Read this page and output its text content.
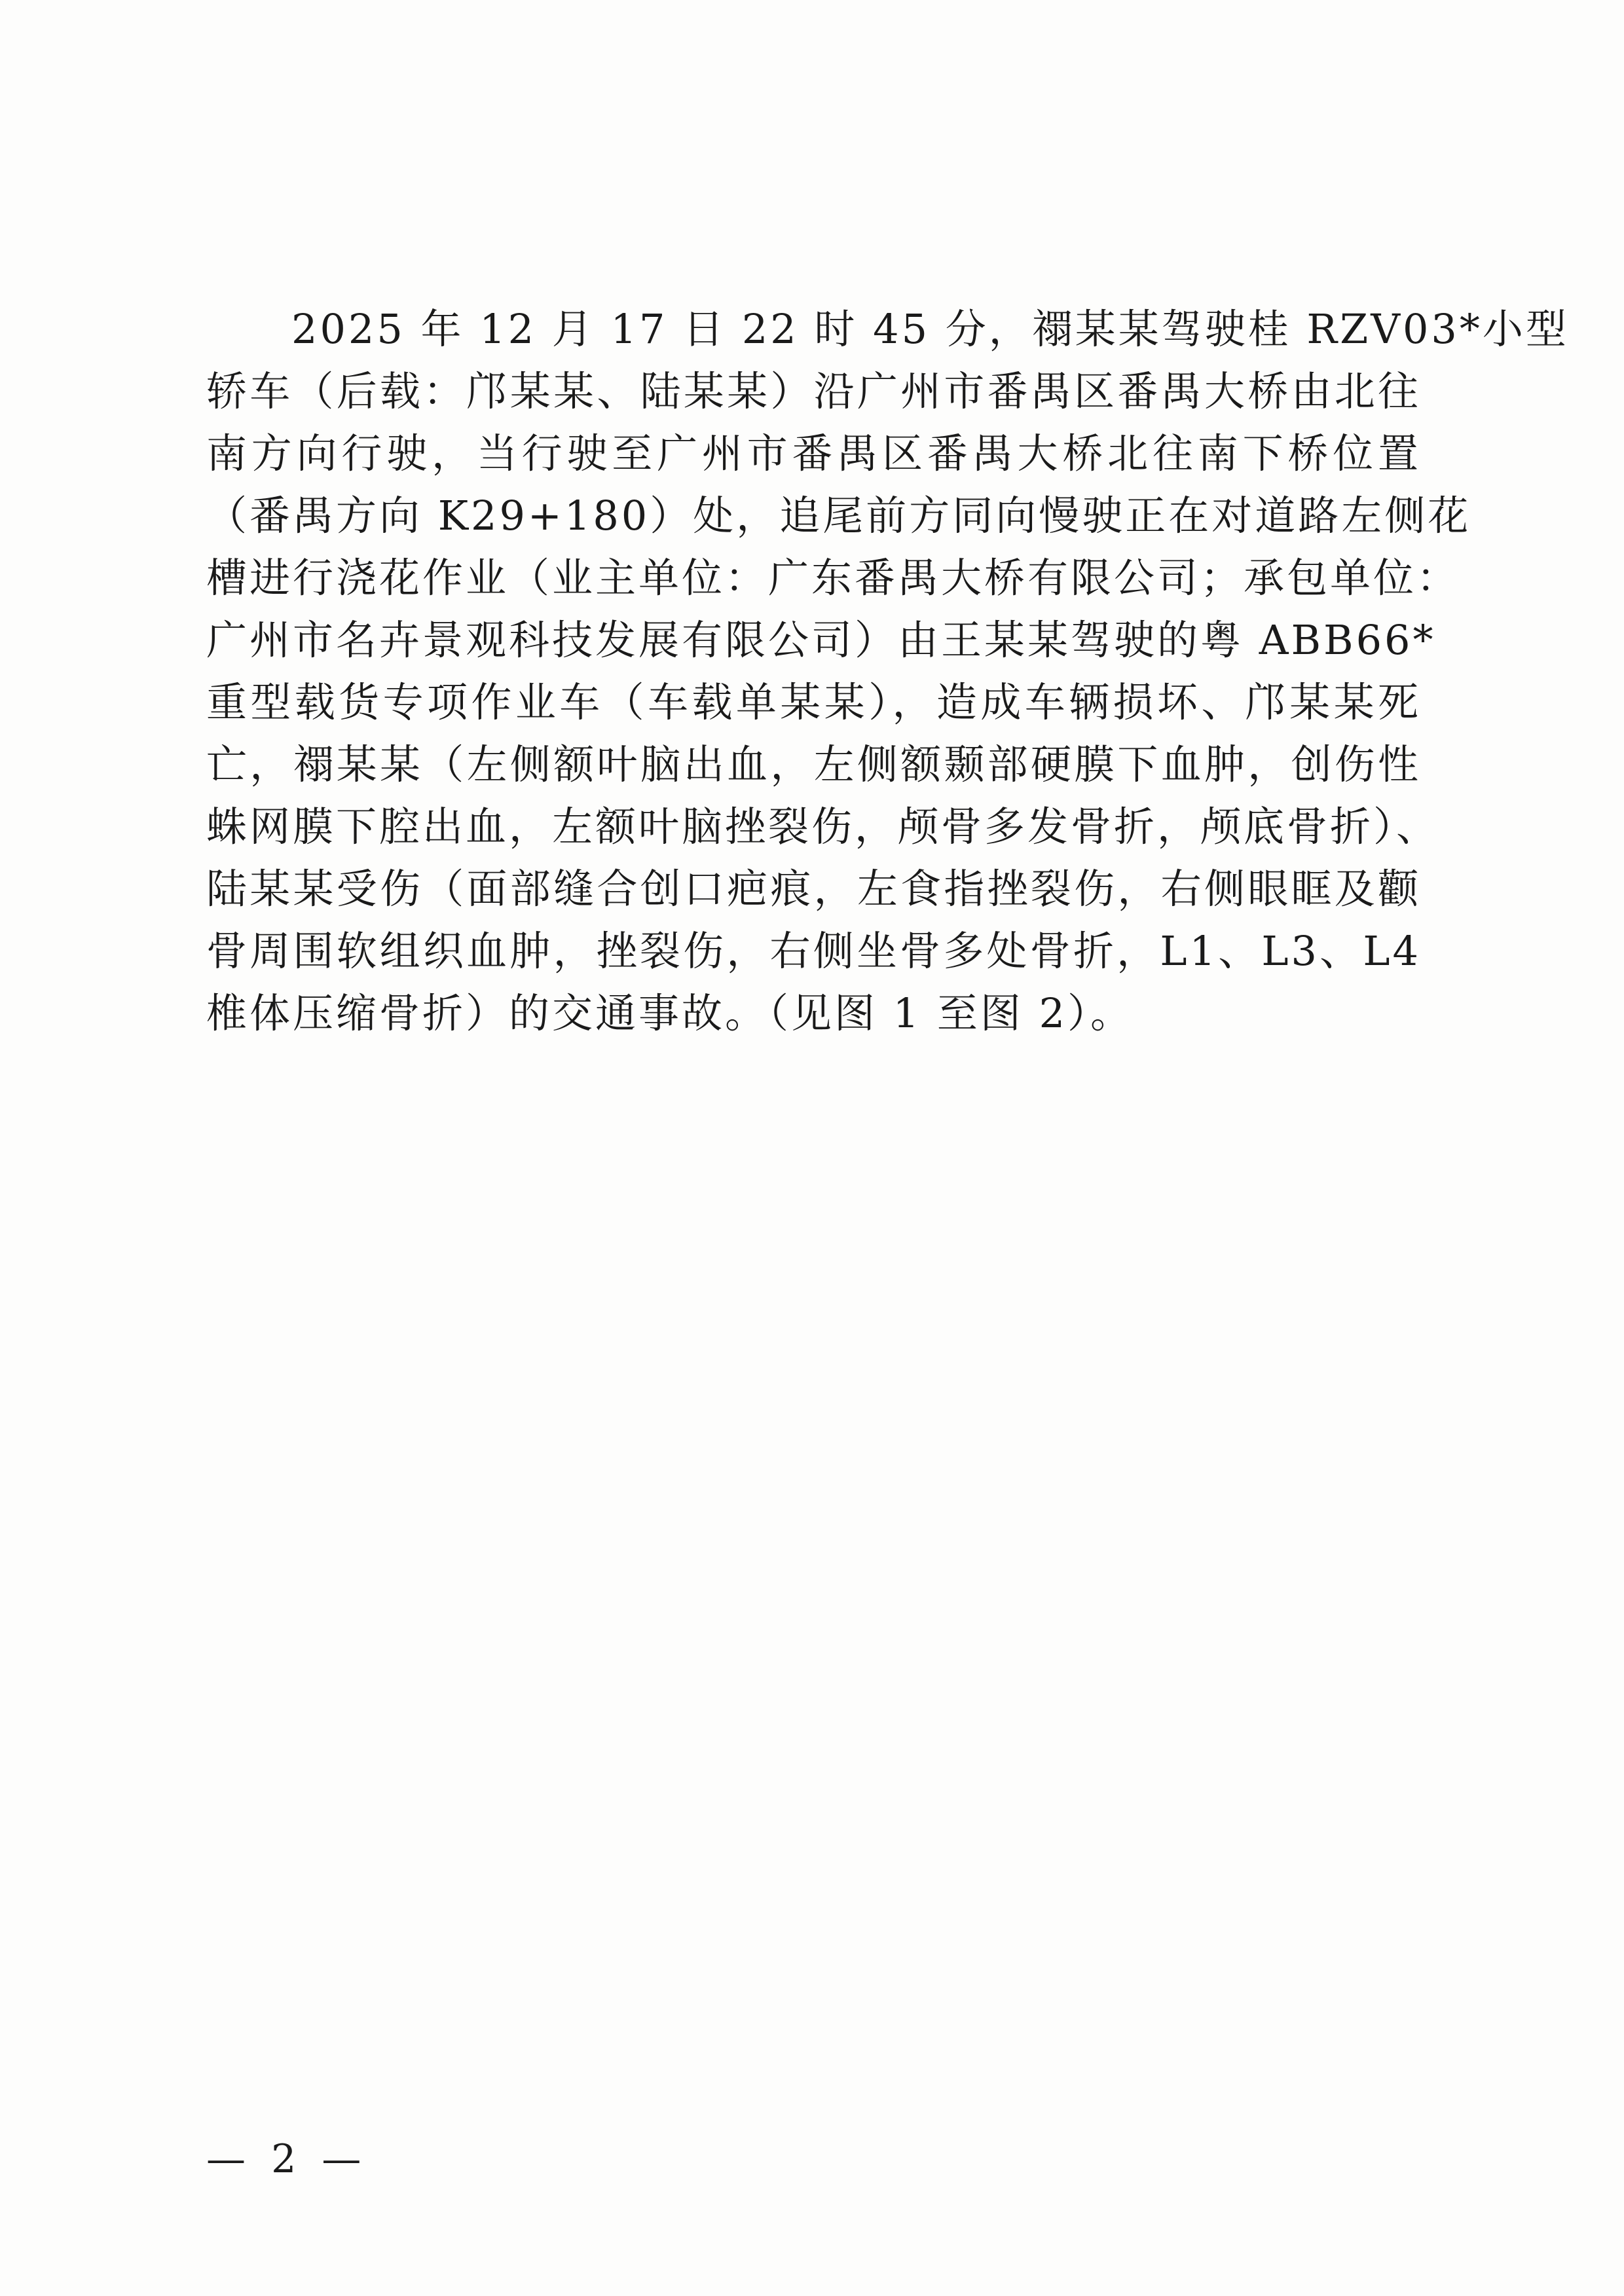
2025 年 12 月 17 日 22 时 45 分，禤某某驾驶桂 RZV03*小型
轿车（后载：邝某某、陆某某）沿广州市番禺区番禺大桥由北往
南方向行驶，当行驶至广州市番禺区番禺大桥北往南下桥位置
（番禺方向 K29+180）处，追尾前方同向慢驶正在对道路左侧花
槽进行浇花作业（业主单位：广东番禺大桥有限公司；承包单位：
广州市名卉景观科技发展有限公司）由王某某驾驶的粤 ABB66*
重型载货专项作业车（车载单某某），造成车辆损坏、邝某某死
亡，禤某某（左侧额叶脑出血，左侧额颞部硬膜下血肿，创伤性
蛛网膜下腔出血，左额叶脑挫裂伤，颅骨多发骨折，颅底骨折）、
陆某某受伤（面部缝合创口疤痕，左食指挫裂伤，右侧眼眶及颧
骨周围软组织血肿，挫裂伤，右侧坐骨多处骨折，L1、L3、L4
椎体压缩骨折）的交通事故。（见图 1 至图 2）。

— 2 —
